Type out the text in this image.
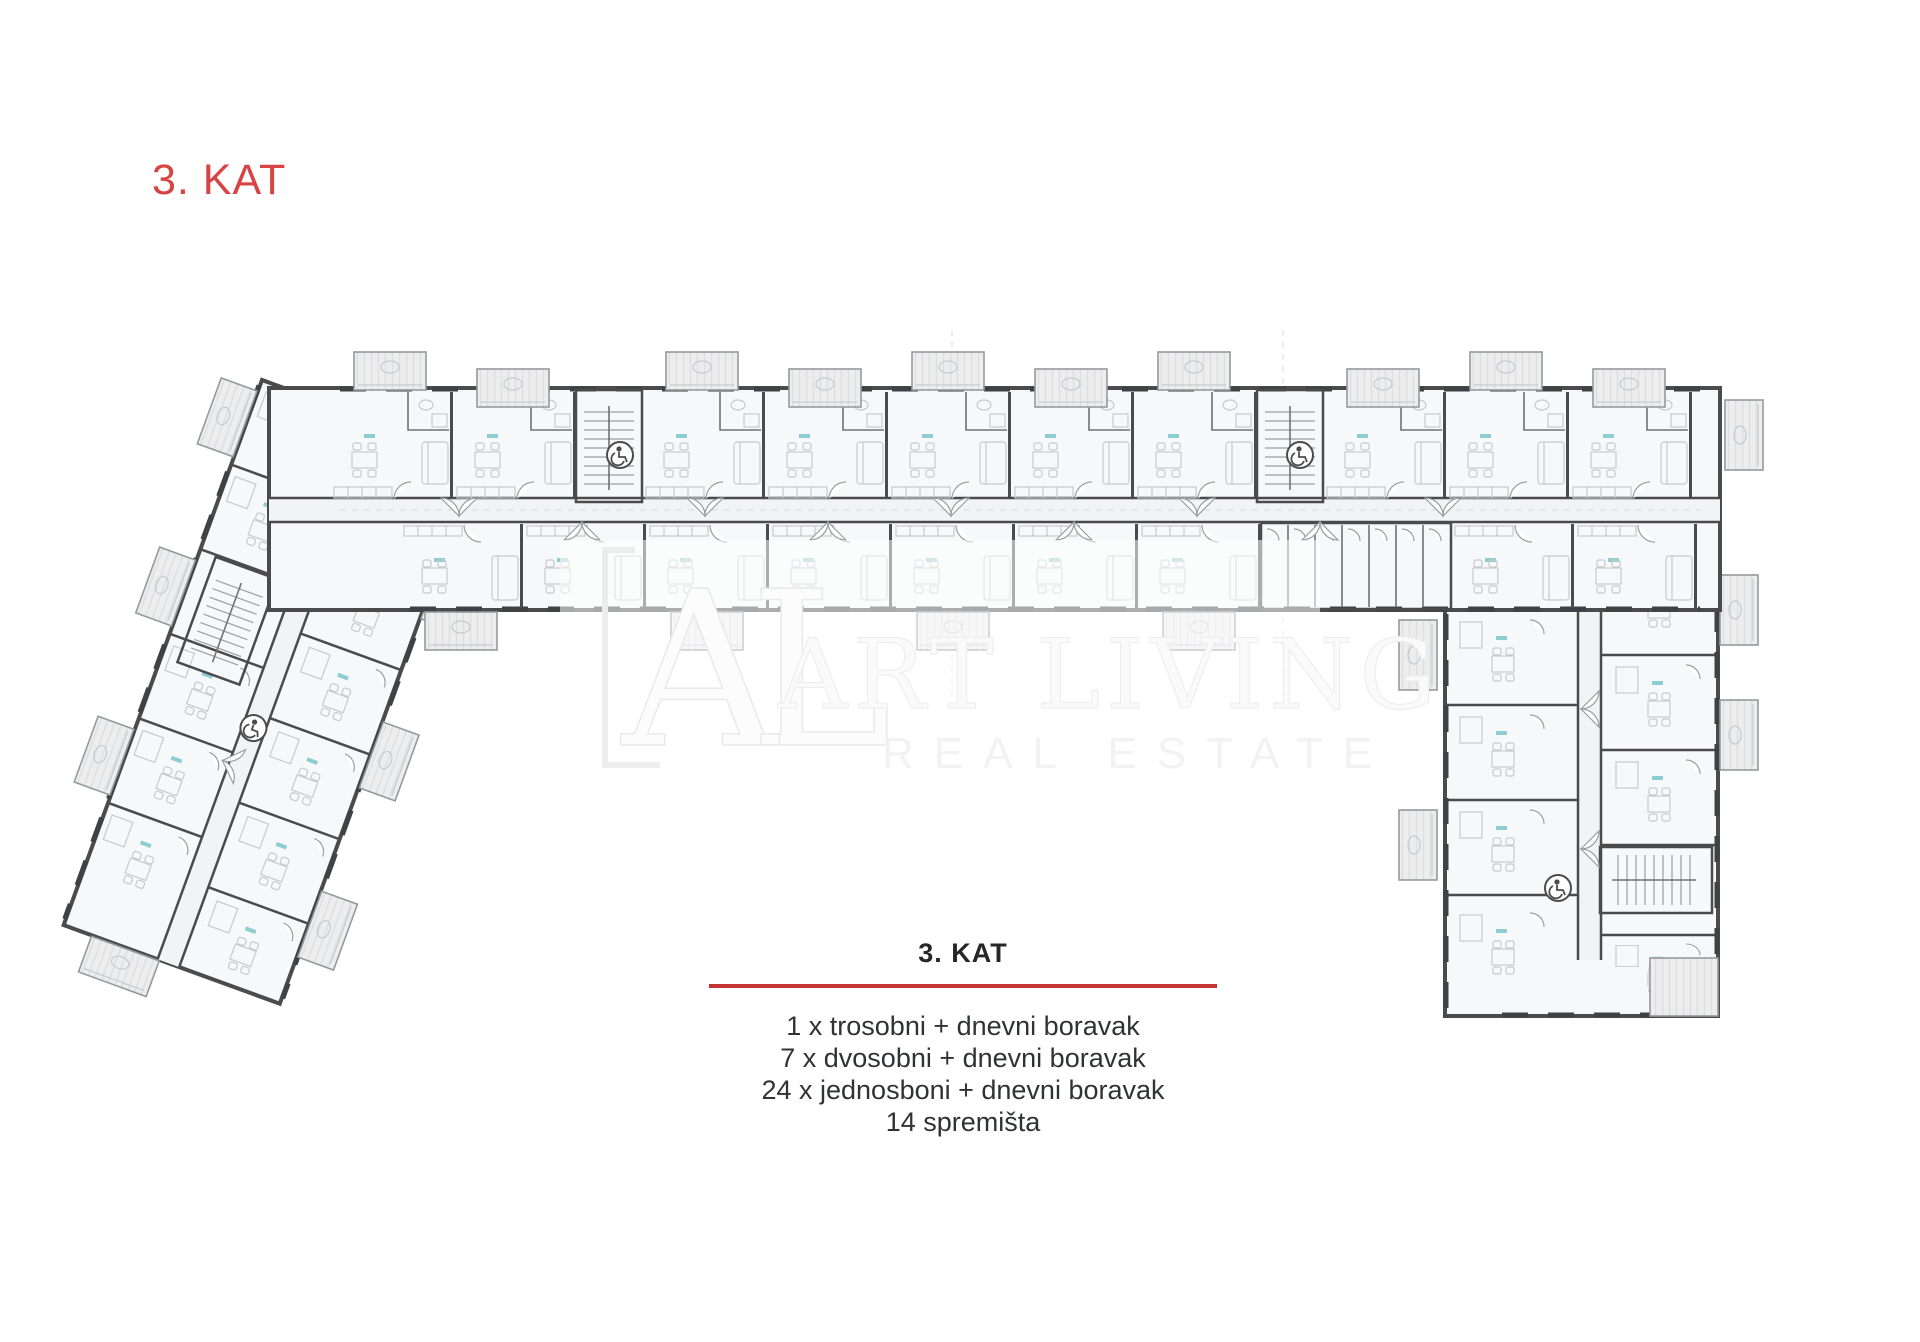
AL
ART LIVING
REAL ESTATE
3. KAT
3. KAT
1 x trosobni + dnevni boravak
7 x dvosobni + dnevni boravak
24 x jednosboni + dnevni boravak
14 spremišta
